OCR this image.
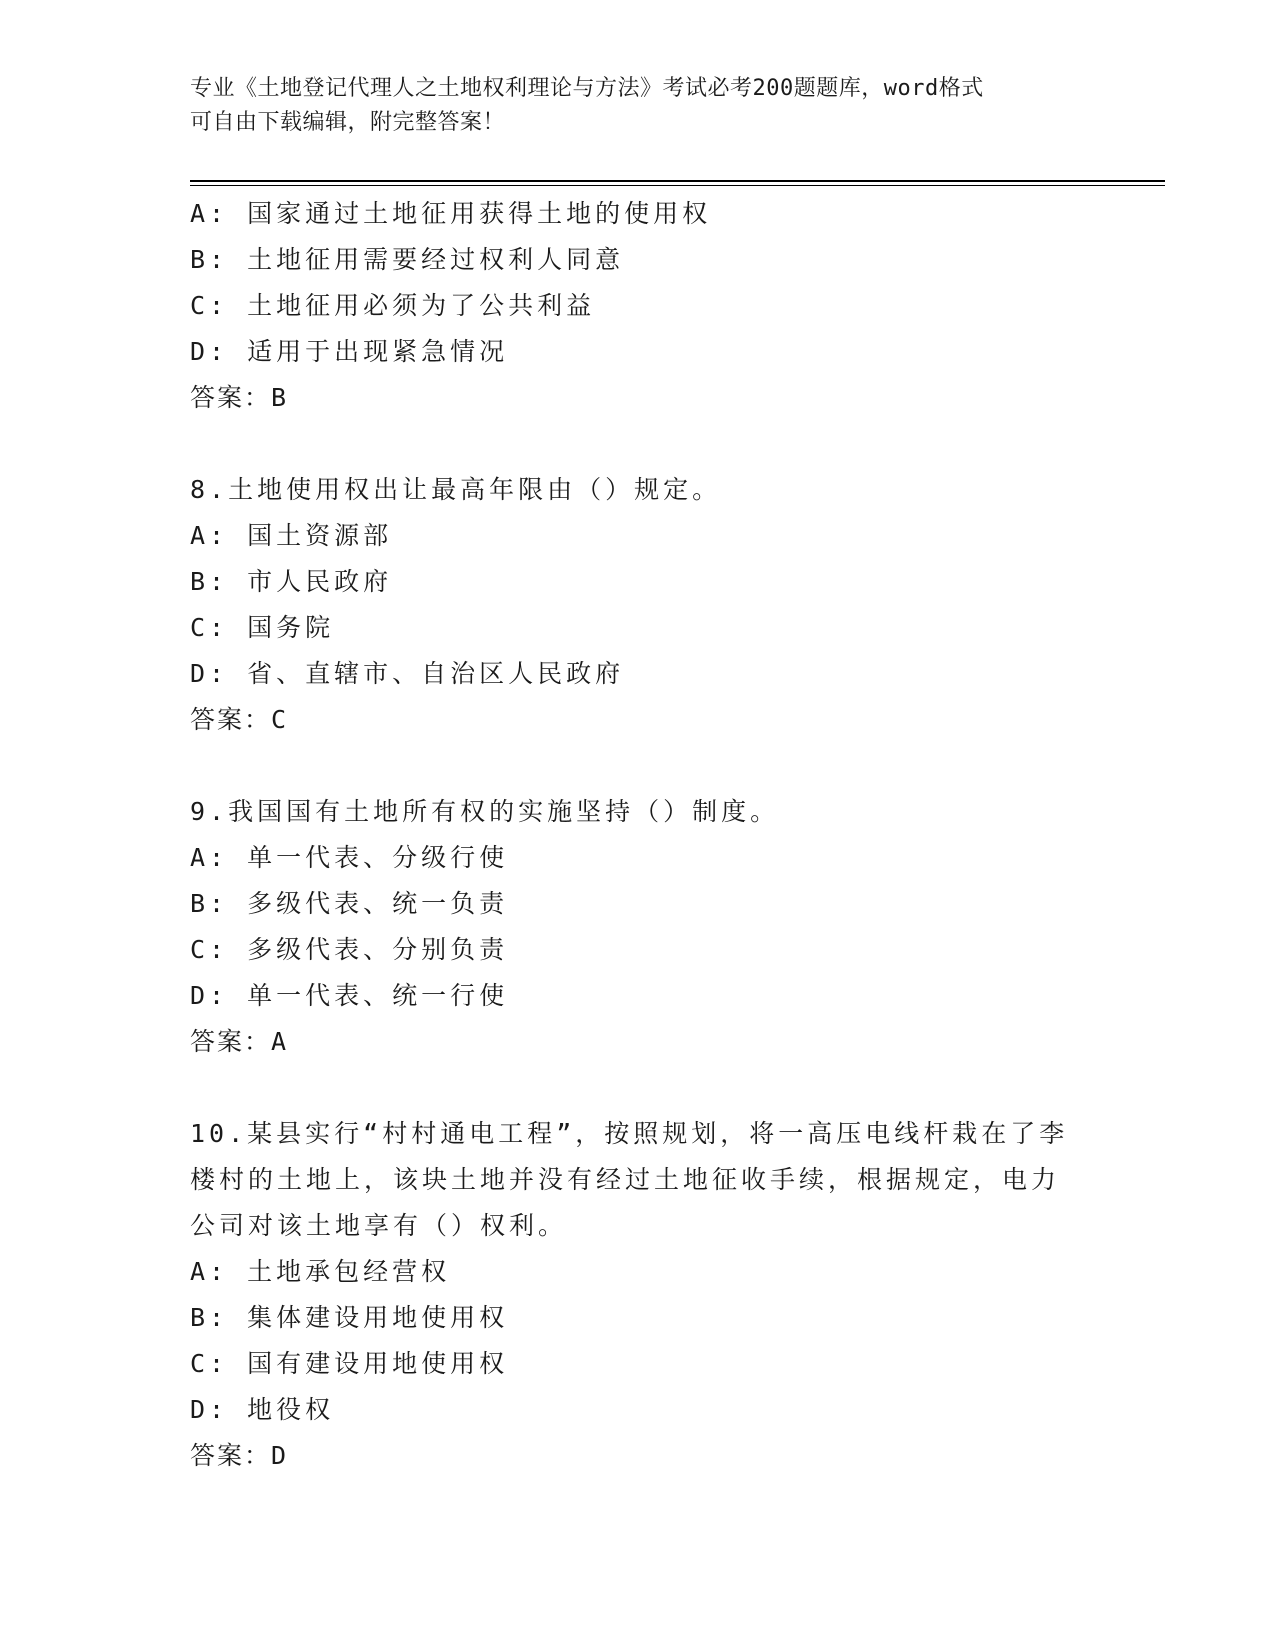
专业《土地登记代理人之土地权利理论与方法》考试必考200题题库，word格式
可自由下载编辑，附完整答案！
A: 国家通过土地征用获得土地的使用权
B: 土地征用需要经过权利人同意
C: 土地征用必须为了公共利益
D: 适用于出现紧急情况
答案：B
8.土地使用权出让最高年限由（）规定。
A: 国土资源部
B: 市人民政府
C: 国务院
D: 省、直辖市、自治区人民政府
答案：C
9.我国国有土地所有权的实施坚持（）制度。
A: 单一代表、分级行使
B: 多级代表、统一负责
C: 多级代表、分别负责
D: 单一代表、统一行使
答案：A
10.某县实行“村村通电工程”，按照规划，将一高压电线杆栽在了李
楼村的土地上，该块土地并没有经过土地征收手续，根据规定，电力
公司对该土地享有（）权利。
A: 土地承包经营权
B: 集体建设用地使用权
C: 国有建设用地使用权
D: 地役权
答案：D
